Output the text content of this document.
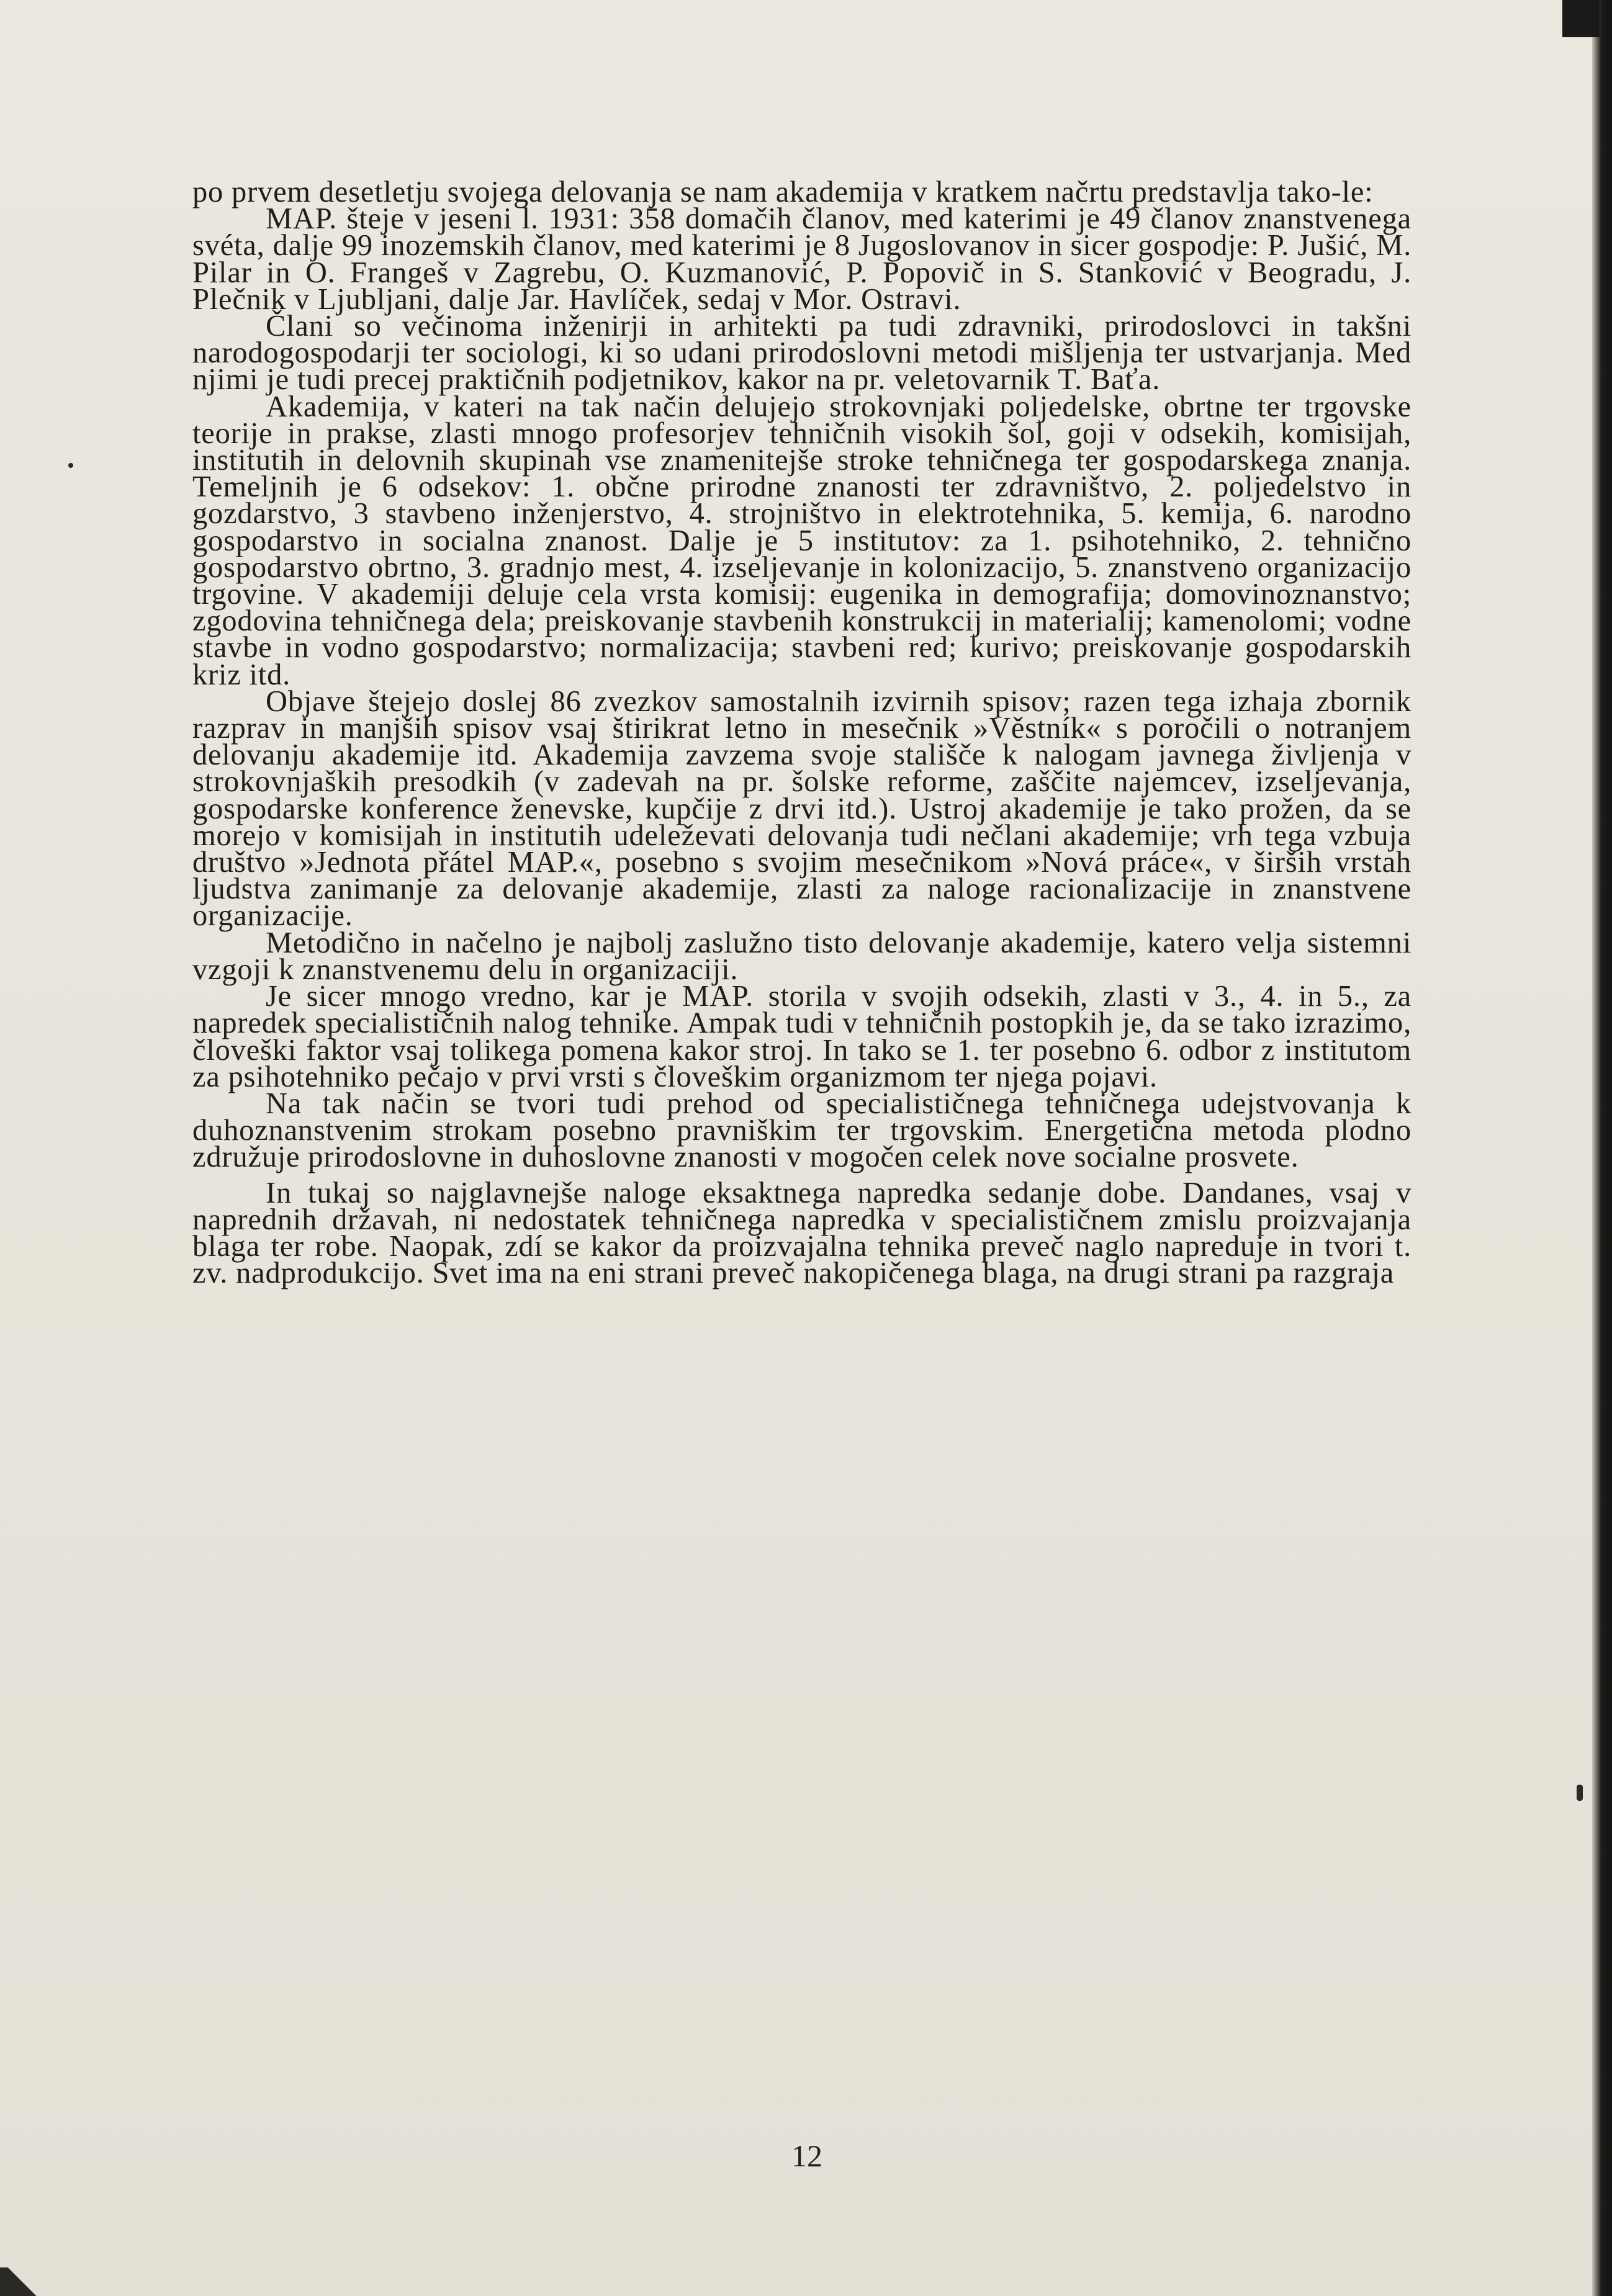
po prvem desetletju svojega delovanja se nam akademija v kratkem načrtu predstavlja tako-le:

MAP. šteje v jeseni l. 1931: 358 domačih članov, med katerimi je 49 članov znanstvenega svéta, dalje 99 inozemskih članov, med katerimi je 8 Jugoslovanov in sicer gospodje: P. Jušić, M. Pilar in O. Frangeš v Zagrebu, O. Kuzmanović, P. Popovič in S. Stanković v Beogradu, J. Plečnik v Ljubljani, dalje Jar. Havlíček, sedaj v Mor. Ostravi.

Člani so večinoma inženirji in arhitekti pa tudi zdravniki, prirodoslovci in takšni narodogospodarji ter sociologi, ki so udani prirodoslovni metodi mišljenja ter ustvarjanja. Med njimi je tudi precej praktičnih podjetnikov, kakor na pr. veletovarnik T. Baťa.

Akademija, v kateri na tak način delujejo strokovnjaki poljedelske, obrtne ter trgovske teorije in prakse, zlasti mnogo profesorjev tehničnih visokih šol, goji v odsekih, komisijah, institutih in delovnih skupinah vse znamenitejše stroke tehničnega ter gospodarskega znanja. Temeljnih je 6 odsekov: 1. občne prirodne znanosti ter zdravništvo, 2. poljedelstvo in gozdarstvo, 3 stavbeno inženjerstvo, 4. strojništvo in elektrotehnika, 5. kemija, 6. narodno gospodarstvo in socialna znanost. Dalje je 5 institutov: za 1. psihotehniko, 2. tehnično gospodarstvo obrtno, 3. gradnjo mest, 4. izseljevanje in kolonizacijo, 5. znanstveno organizacijo trgovine. V akademiji deluje cela vrsta komisij: eugenika in demografija; domovinoznanstvo; zgodovina tehničnega dela; preiskovanje stavbenih konstrukcij in materialij; kamenolomi; vodne stavbe in vodno gospodarstvo; normalizacija; stavbeni red; kurivo; preiskovanje gospodarskih kriz itd.

Objave štejejo doslej 86 zvezkov samostalnih izvirnih spisov; razen tega izhaja zbornik razprav in manjših spisov vsaj štirikrat letno in mesečnik »Věstník« s poročili o notranjem delovanju akademije itd. Akademija zavzema svoje stališče k nalogam javnega življenja v strokovnjaških presodkih (v zadevah na pr. šolske reforme, zaščite najemcev, izseljevanja, gospodarske konference ženevske, kupčije z drvi itd.). Ustroj akademije je tako prožen, da se morejo v komisijah in institutih udeleževati delovanja tudi nečlani akademije; vrh tega vzbuja društvo »Jednota přátel MAP.«, posebno s svojim mesečnikom »Nová práce«, v širših vrstah ljudstva zanimanje za delovanje akademije, zlasti za naloge racionalizacije in znanstvene organizacije.

Metodično in načelno je najbolj zaslužno tisto delovanje akademije, katero velja sistemni vzgoji k znanstvenemu delu in organizaciji.

Je sicer mnogo vredno, kar je MAP. storila v svojih odsekih, zlasti v 3., 4. in 5., za napredek specialističnih nalog tehnike. Ampak tudi v tehničnih postopkih je, da se tako izrazimo, človeški faktor vsaj tolikega pomena kakor stroj. In tako se 1. ter posebno 6. odbor z institutom za psihotehniko pečajo v prvi vrsti s človeškim organizmom ter njega pojavi.

Na tak način se tvori tudi prehod od specialističnega tehničnega udejstvovanja k duhoznanstvenim strokam posebno pravniškim ter trgovskim. Energetična metoda plodno združuje prirodoslovne in duhoslovne znanosti v mogočen celek nove socialne prosvete.

In tukaj so najglavnejše naloge eksaktnega napredka sedanje dobe. Dandanes, vsaj v naprednih državah, ni nedostatek tehničnega napredka v specialističnem zmislu proizvajanja blaga ter robe. Naopak, zdí se kakor da proizvajalna tehnika preveč naglo napreduje in tvori t. zv. nadprodukcijo. Svet ima na eni strani preveč nakopičenega blaga, na drugi strani pa razgraja

12
